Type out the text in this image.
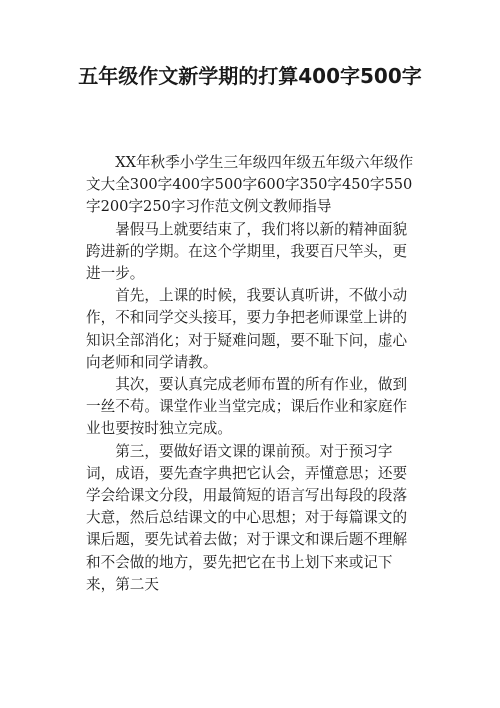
五年级作文新学期的打算400字500字

XX年秋季小学生三年级四年级五年级六年级作文大全300字400字500字600字350字450字550字200字250字习作范文例文教师指导

暑假马上就要结束了，我们将以新的精神面貌跨进新的学期。在这个学期里，我要百尺竿头，更进一步。

首先，上课的时候，我要认真听讲，不做小动作，不和同学交头接耳，要力争把老师课堂上讲的知识全部消化；对于疑难问题，要不耻下问，虚心向老师和同学请教。

其次，要认真完成老师布置的所有作业，做到一丝不苟。课堂作业当堂完成；课后作业和家庭作业也要按时独立完成。

第三，要做好语文课的课前预。对于预习字词，成语，要先查字典把它认会，弄懂意思；还要学会给课文分段，用最简短的语言写出每段的段落大意，然后总结课文的中心思想；对于每篇课文的课后题，要先试着去做；对于课文和课后题不理解和不会做的地方，要先把它在书上划下来或记下来，第二天
